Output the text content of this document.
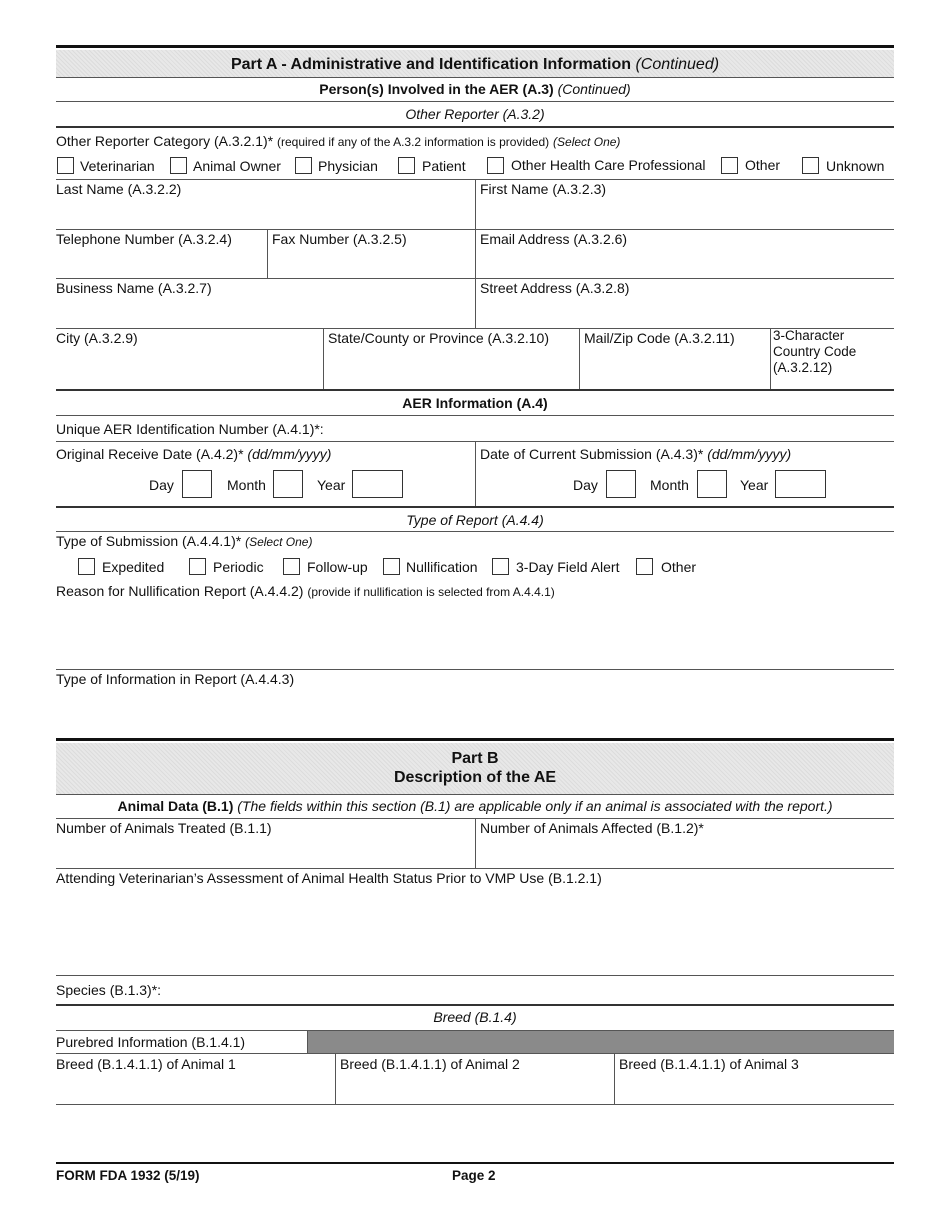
Part A - Administrative and Identification Information (Continued)
Person(s) Involved in the AER (A.3) (Continued)
Other Reporter (A.3.2)
Other Reporter Category (A.3.2.1)* (required if any of the A.3.2 information is provided) (Select One)
Veterinarian	Animal Owner	Physician	Patient	Other Health Care Professional	Other	Unknown
Last Name (A.3.2.2)	First Name (A.3.2.3)
Telephone Number (A.3.2.4)	Fax Number (A.3.2.5)	Email Address (A.3.2.6)
Business Name (A.3.2.7)	Street Address (A.3.2.8)
City (A.3.2.9)	State/County or Province (A.3.2.10)	Mail/Zip Code (A.3.2.11)	3-Character Country Code (A.3.2.12)
AER Information (A.4)
Unique AER Identification Number (A.4.1)*:
Original Receive Date (A.4.2)* (dd/mm/yyyy)	Date of Current Submission (A.4.3)* (dd/mm/yyyy)
Day	Month	Year	Day	Month	Year
Type of Report (A.4.4)
Type of Submission (A.4.4.1)* (Select One)
Expedited	Periodic	Follow-up	Nullification	3-Day Field Alert	Other
Reason for Nullification Report (A.4.4.2) (provide if nullification is selected from A.4.4.1)
Type of Information in Report (A.4.4.3)
Part B
Description of the AE
Animal Data (B.1) (The fields within this section (B.1) are applicable only if an animal is associated with the report.)
Number of Animals Treated (B.1.1)	Number of Animals Affected (B.1.2)*
Attending Veterinarian’s Assessment of Animal Health Status Prior to VMP Use (B.1.2.1)
Species (B.1.3)*:
Breed (B.1.4)
Purebred Information (B.1.4.1)
Breed (B.1.4.1.1) of Animal 1	Breed (B.1.4.1.1) of Animal 2	Breed (B.1.4.1.1) of Animal 3
FORM FDA 1932 (5/19)	Page 2
